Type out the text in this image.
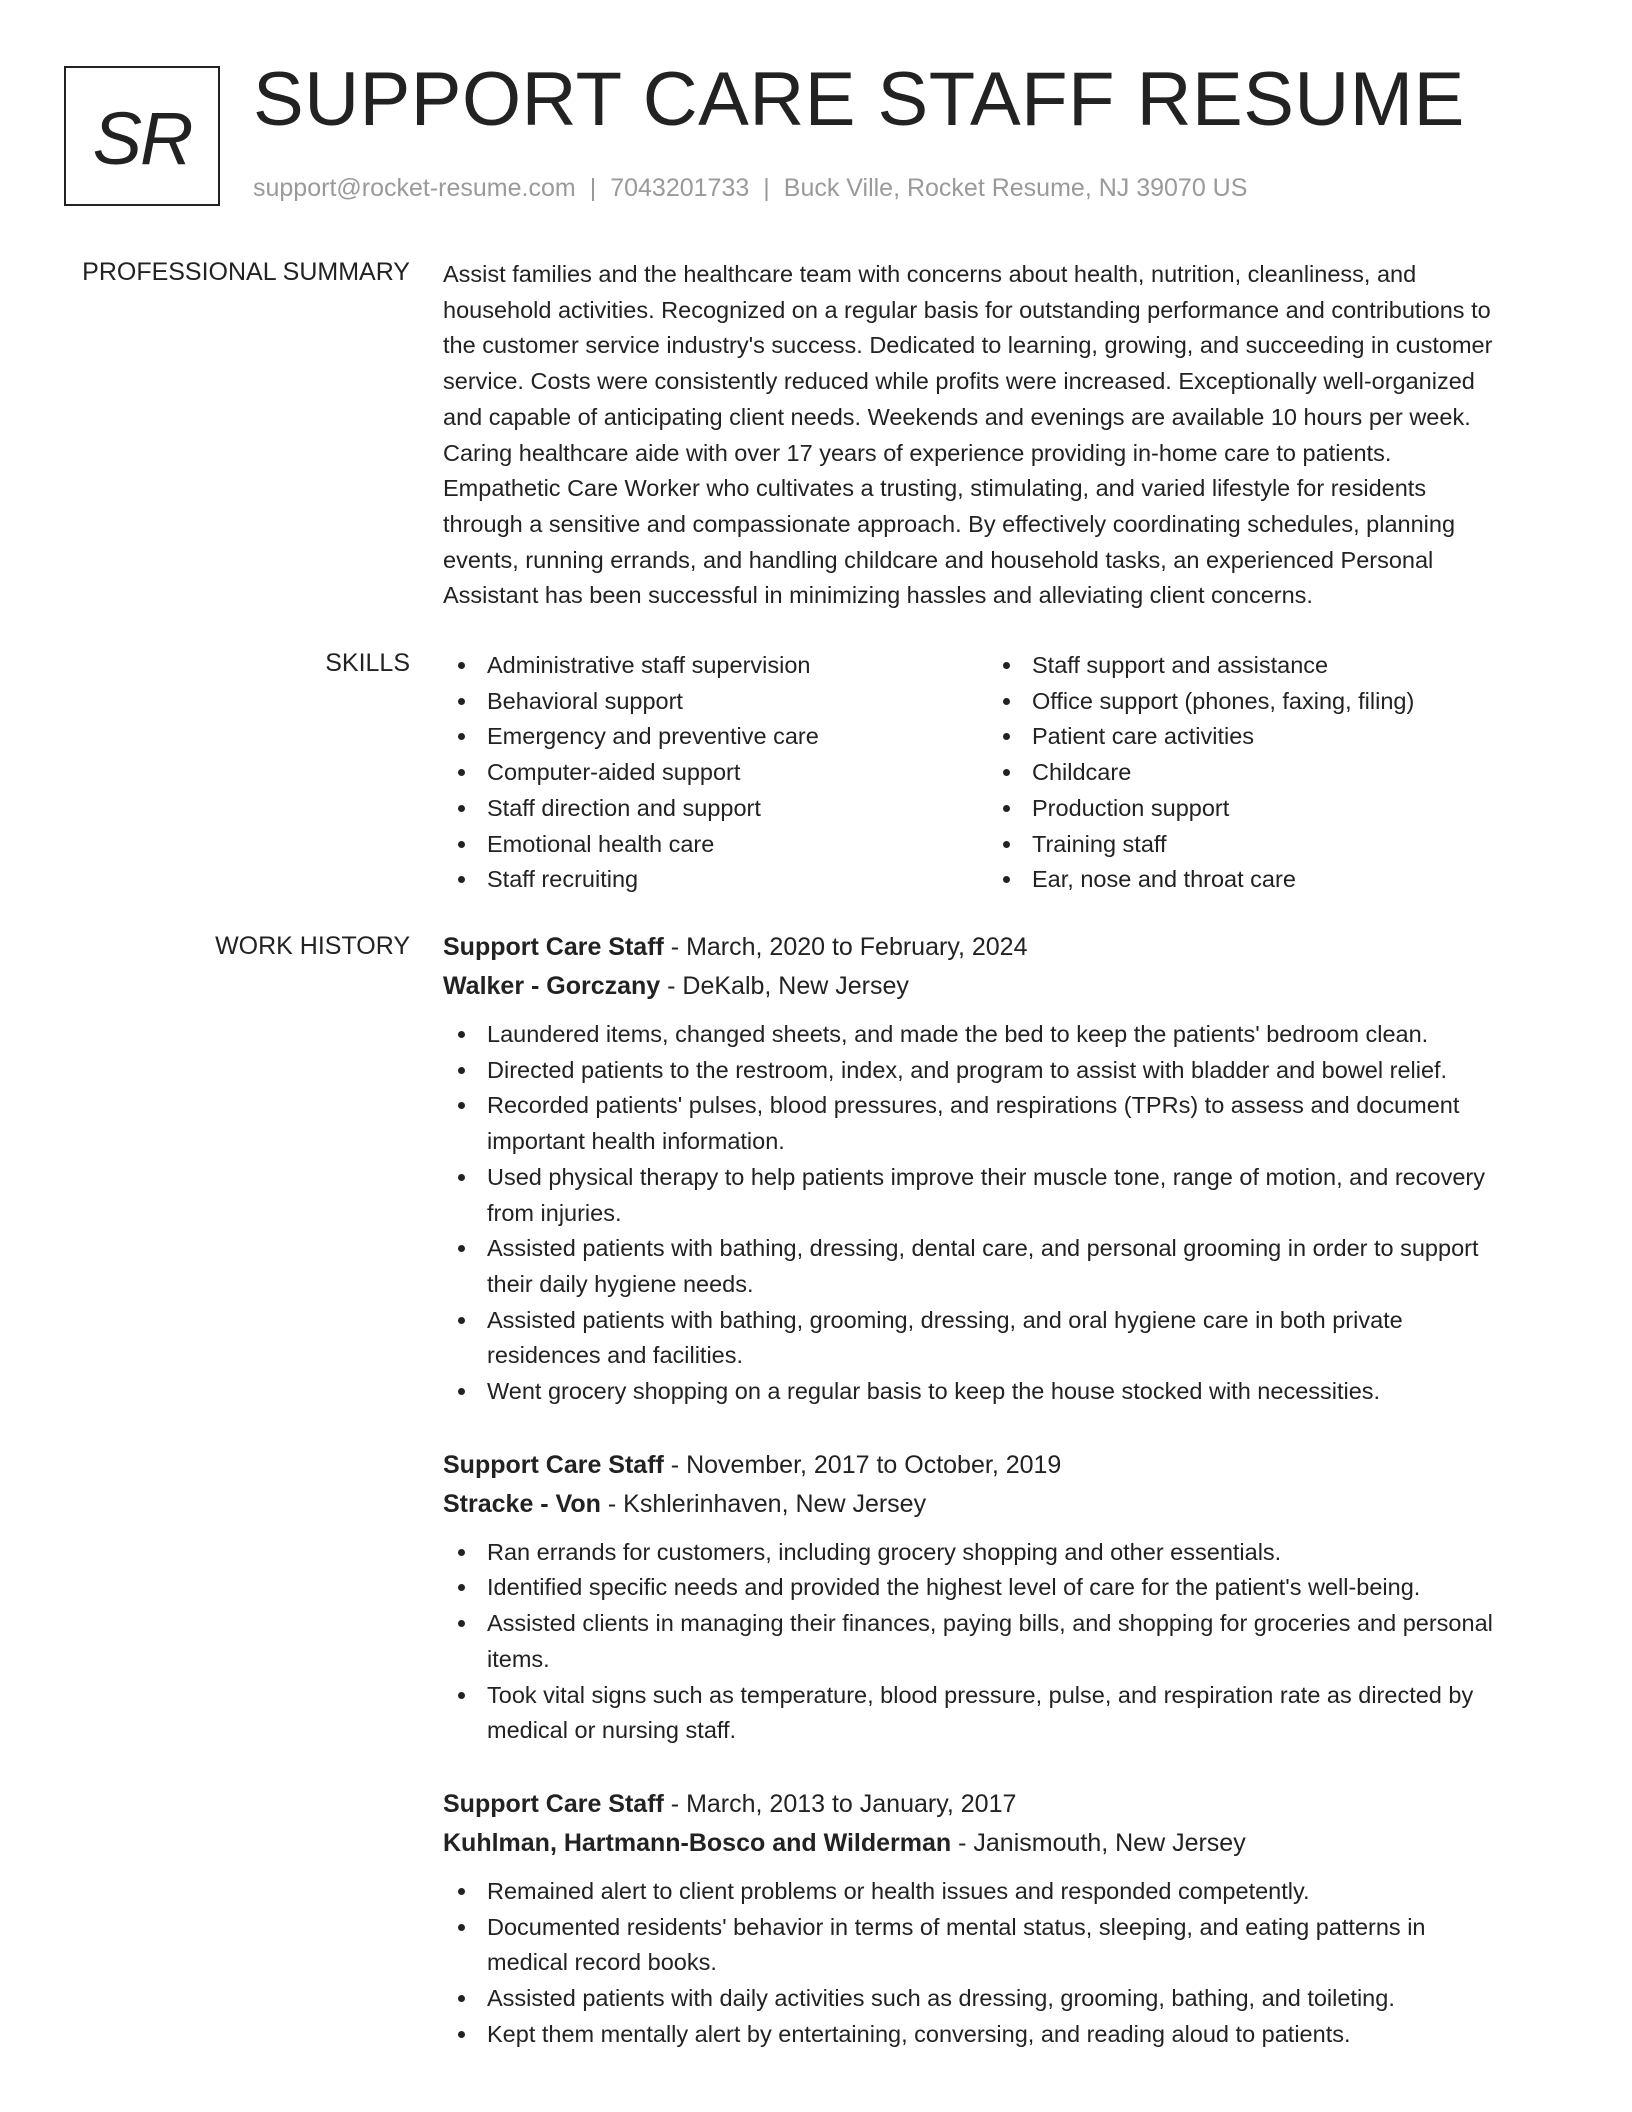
SR SUPPORT CARE STAFF RESUME
support@rocket-resume.com | 7043201733 | Buck Ville, Rocket Resume, NJ 39070 US
PROFESSIONAL SUMMARY Assist families and the healthcare team with concerns about health, nutrition, cleanliness, and
household activities. Recognized on a regular basis for outstanding performance and contributions to
the customer service industry's success. Dedicated to learning, growing, and succeeding in customer
service. Costs were consistently reduced while profits were increased. Exceptionally well-organized
and capable of anticipating client needs. Weekends and evenings are available 10 hours per week.
Caring healthcare aide with over 17 years of experience providing in-home care to patients.
Empathetic Care Worker who cultivates a trusting, stimulating, and varied lifestyle for residents
through a sensitive and compassionate approach. By effectively coordinating schedules, planning
events, running errands, and handling childcare and household tasks, an experienced Personal
Assistant has been successful in minimizing hassles and alleviating client concerns.
SKILLS	Administrative staff supervision
Behavioral support
Emergency and preventive care
Computer-aided support
Staff direction and support
Emotional health care
Staff recruiting
Staff support and assistance
Office support (phones, faxing, filing)
Patient care activities
Childcare
Production support
Training staff
Ear, nose and throat care
WORK HISTORY Support Care Staff - March, 2020 to February, 2024
Walker - Gorczany - DeKalb, New Jersey
Laundered items, changed sheets, and made the bed to keep the patients' bedroom clean.
Directed patients to the restroom, index, and program to assist with bladder and bowel relief.
Recorded patients' pulses, blood pressures, and respirations (TPRs) to assess and document
important health information.
Used physical therapy to help patients improve their muscle tone, range of motion, and recovery
from injuries.
Assisted patients with bathing, dressing, dental care, and personal grooming in order to support
their daily hygiene needs.
Assisted patients with bathing, grooming, dressing, and oral hygiene care in both private
residences and facilities.
Went grocery shopping on a regular basis to keep the house stocked with necessities.
Support Care Staff - November, 2017 to October, 2019
Stracke - Von - Kshlerinhaven, New Jersey
Ran errands for customers, including grocery shopping and other essentials.
Identified specific needs and provided the highest level of care for the patient's well-being.
Assisted clients in managing their finances, paying bills, and shopping for groceries and personal
items.
Took vital signs such as temperature, blood pressure, pulse, and respiration rate as directed by
medical or nursing staff.
Support Care Staff - March, 2013 to January, 2017
Kuhlman, Hartmann-Bosco and Wilderman - Janismouth, New Jersey
Remained alert to client problems or health issues and responded competently.
Documented residents' behavior in terms of mental status, sleeping, and eating patterns in
medical record books.
Assisted patients with daily activities such as dressing, grooming, bathing, and toileting.
Kept them mentally alert by entertaining, conversing, and reading aloud to patients.
